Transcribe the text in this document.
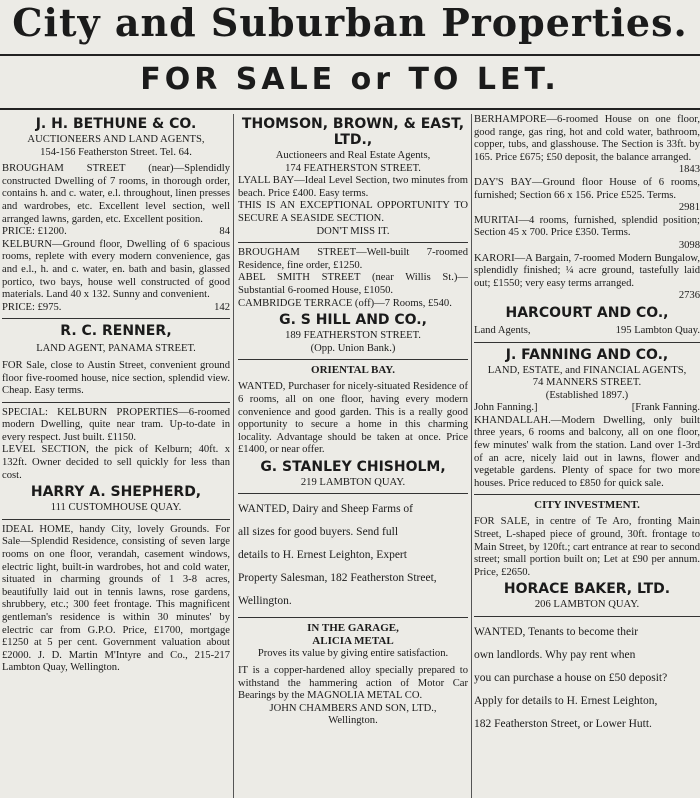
City and Suburban Properties.
FOR SALE or TO LET.
J. H. BETHUNE & CO.
AUCTIONEERS AND LAND AGENTS,
154-156 Featherston Street. Tel. 64.

BROUGHAM STREET (near)—Splendidly constructed Dwelling of 7 rooms, in thorough order, contains h. and c. water, e.l. throughout, linen presses and wardrobes, etc. Excellent level section, well arranged lawns, garden, etc. Excellent position.

PRICE: £1200.	84

KELBURN—Ground floor, Dwelling of 6 spacious rooms, replete with every modern convenience, gas and e.l., h. and c. water, en. bath and basin, glassed portico, two bays, house well constructed of good materials. Land 40 x 132. Sunny and convenient.

PRICE: £975.	142
R. C. RENNER,
LAND AGENT, PANAMA STREET.

FOR Sale, close to Austin Street, convenient ground floor five-roomed house, nice section, splendid view. Cheap. Easy terms.

SPECIAL: KELBURN PROPERTIES—6-roomed modern Dwelling, quite near tram. Up-to-date in every respect. Just built. £1150.

LEVEL SECTION, the pick of Kelburn; 40ft. x 132ft. Owner decided to sell quickly for less than cost.

HARRY A. SHEPHERD,
111 CUSTOMHOUSE QUAY.

IDEAL HOME, handy City, lovely Grounds. For Sale—Splendid Residence, consisting of seven large rooms on one floor, verandah, casement windows, electric light, built-in wardrobes, hot and cold water, situated in charming grounds of 1 3-8 acres, beautifully laid out in tennis lawns, rose gardens, shrubbery, etc.; 300 feet frontage. This magnificent gentleman's residence is within 30 minutes' by electric car from G.P.O. Price, £1700, mortgage £1250 at 5 per cent. Government valuation about £2000. J. D. Martin M'Intyre and Co., 215-217 Lambton Quay, Wellington.

THOMSON, BROWN, & EAST, LTD.,
Auctioneers and Real Estate Agents,
174 FEATHERSTON STREET.

LYALL BAY—Ideal Level Section, two minutes from beach. Price £400. Easy terms.

THIS IS AN EXCEPTIONAL OPPORTUNITY TO SECURE A SEASIDE SECTION.

DON'T MISS IT.

BROUGHAM STREET—Well-built 7-roomed Residence, fine order, £1250.

ABEL SMITH STREET (near Willis St.)—Substantial 6-roomed House, £1050.

CAMBRIDGE TERRACE (off)—7 Rooms, £540.

G. S HILL AND CO.,
189 FEATHERSTON STREET.
(Opp. Union Bank.)
ORIENTAL BAY.

WANTED, Purchaser for nicely-situated Residence of 6 rooms, all on one floor, having every modern convenience and good garden. This is a really good opportunity to secure a home in this charming locality. Advantage should be taken at once. Price £1400, or near offer.

G. STANLEY CHISHOLM,
219 LAMBTON QUAY.
WANTED, Dairy and Sheep Farms of
all sizes for good buyers. Send full
details to H. Ernest Leighton, Expert
Property Salesman, 182 Featherston Street,
Wellington.
IN THE GARAGE,
ALICIA METAL
Proves its value by giving entire satisfaction.

IT is a copper-hardened alloy specially prepared to withstand the hammering action of Motor Car Bearings by the MAGNOLIA METAL CO.

JOHN CHAMBERS AND SON, LTD.,
Wellington.

BERHAMPORE—6-roomed House on one floor, good range, gas ring, hot and cold water, bathroom, copper, tubs, and glasshouse. The Section is 33ft. by 165. Price £675; £50 deposit, the balance arranged.

1843

DAY'S BAY—Ground floor House of 6 rooms, furnished; Section 66 x 156. Price £525. Terms.

2981

MURITAI—4 rooms, furnished, splendid position; Section 45 x 700. Price £350. Terms.

3098

KARORI—A Bargain, 7-roomed Modern Bungalow, splendidly finished; ¼ acre ground, tastefully laid out; £1550; very easy terms arranged.

2736
HARCOURT AND CO.,
Land Agents,	195 Lambton Quay.
J. FANNING AND CO.,
LAND, ESTATE, and FINANCIAL AGENTS,
74 MANNERS STREET.
(Established 1897.)
John Fanning.]	[Frank Fanning.

KHANDALLAH.—Modern Dwelling, only built three years, 6 rooms and balcony, all on one floor, few minutes' walk from the station. Land over 1-3rd of an acre, nicely laid out in lawns, flower and vegetable gardens. Plenty of space for two more houses. Price reduced to £850 for quick sale.

CITY INVESTMENT.

FOR SALE, in centre of Te Aro, fronting Main Street, L-shaped piece of ground, 30ft. frontage to Main Street, by 120ft.; cart entrance at rear to second street; small portion built on; Let at £90 per annum. Price, £2650.

HORACE BAKER, LTD.
206 LAMBTON QUAY.
WANTED, Tenants to become their
own landlords. Why pay rent when
you can purchase a house on £50 deposit?
Apply for details to H. Ernest Leighton,
182 Featherston Street, or Lower Hutt.
